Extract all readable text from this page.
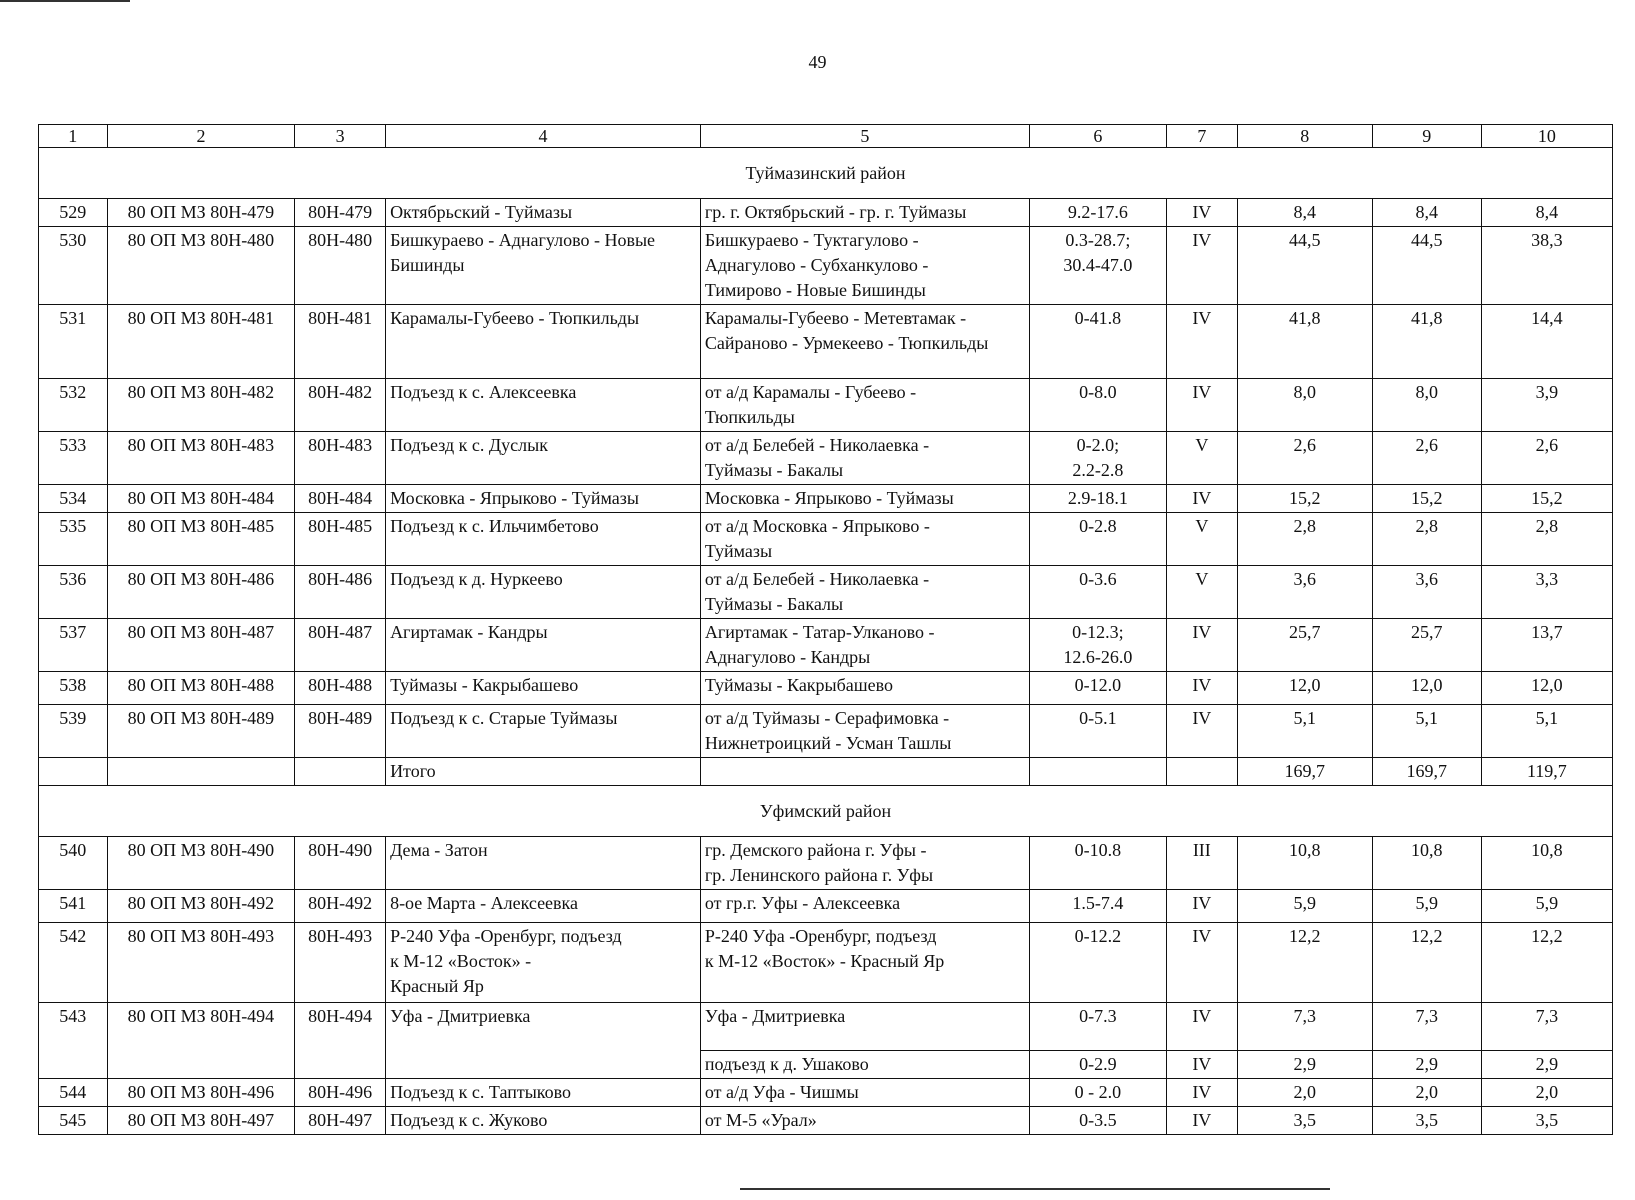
49
1	2	3	4	5	6	7	8	9	10
Туймазинский район									
529	80 ОП МЗ 80Н-479	80Н-479	Октябрьский - Туймазы	гр. г. Октябрьский - гр. г. Туймазы	9.2-17.6	IV	8,4	8,4	8,4
530	80 ОП МЗ 80Н-480	80Н-480	Бишкураево - Аднагулово - Новые Бишинды	Бишкураево - Туктагулово -
Аднагулово - Субханкулово -
Тимирово - Новые Бишинды	0.3-28.7;
30.4-47.0	IV	44,5	44,5	38,3
531	80 ОП МЗ 80Н-481	80Н-481	Карамалы-Губеево - Тюпкильды	Карамалы-Губеево - Метевтамак -
Сайраново - Урмекеево - Тюпкильды	0-41.8	IV	41,8	41,8	14,4
532	80 ОП МЗ 80Н-482	80Н-482	Подъезд к с. Алексеевка	от а/д Карамалы - Губеево -
Тюпкильды	0-8.0	IV	8,0	8,0	3,9
533	80 ОП МЗ 80Н-483	80Н-483	Подъезд к с. Дуслык	от а/д Белебей - Николаевка -
Туймазы - Бакалы	0-2.0;
2.2-2.8	V	2,6	2,6	2,6
534	80 ОП МЗ 80Н-484	80Н-484	Московка - Япрыково - Туймазы	Московка - Япрыково - Туймазы	2.9-18.1	IV	15,2	15,2	15,2
535	80 ОП МЗ 80Н-485	80Н-485	Подъезд к с. Ильчимбетово	от а/д Московка - Япрыково -
Туймазы	0-2.8	V	2,8	2,8	2,8
536	80 ОП МЗ 80Н-486	80Н-486	Подъезд к д. Нуркеево	от а/д Белебей - Николаевка -
Туймазы - Бакалы	0-3.6	V	3,6	3,6	3,3
537	80 ОП МЗ 80Н-487	80Н-487	Агиртамак - Кандры	Агиртамак - Татар-Улканово -
Аднагулово - Кандры	0-12.3;
12.6-26.0	IV	25,7	25,7	13,7
538	80 ОП МЗ 80Н-488	80Н-488	Туймазы - Какрыбашево	Туймазы - Какрыбашево	0-12.0	IV	12,0	12,0	12,0
539	80 ОП МЗ 80Н-489	80Н-489	Подъезд к с. Старые Туймазы	от а/д Туймазы - Серафимовка -
Нижнетроицкий - Усман Ташлы	0-5.1	IV	5,1	5,1	5,1
			Итого				169,7	169,7	119,7
Уфимский район									
540	80 ОП МЗ 80Н-490	80Н-490	Дема - Затон	гр. Демского района г. Уфы -
гр. Ленинского района г. Уфы	0-10.8	III	10,8	10,8	10,8
541	80 ОП МЗ 80Н-492	80Н-492	8-ое Марта - Алексеевка	от гр.г. Уфы - Алексеевка	1.5-7.4	IV	5,9	5,9	5,9
542	80 ОП МЗ 80Н-493	80Н-493	Р-240 Уфа -Оренбург, подъезд
к М-12 «Восток» -
Красный Яр	Р-240 Уфа -Оренбург, подъезд
к М-12 «Восток» - Красный Яр	0-12.2	IV	12,2	12,2	12,2
543	80 ОП МЗ 80Н-494	80Н-494	Уфа - Дмитриевка	Уфа - Дмитриевка	0-7.3	IV	7,3	7,3	7,3
				подъезд к д. Ушаково	0-2.9	IV	2,9	2,9	2,9
544	80 ОП МЗ 80Н-496	80Н-496	Подъезд к с. Таптыково	от а/д Уфа - Чишмы	0 - 2.0	IV	2,0	2,0	2,0
545	80 ОП МЗ 80Н-497	80Н-497	Подъезд к с. Жуково	от М-5 «Урал»	0-3.5	IV	3,5	3,5	3,5
